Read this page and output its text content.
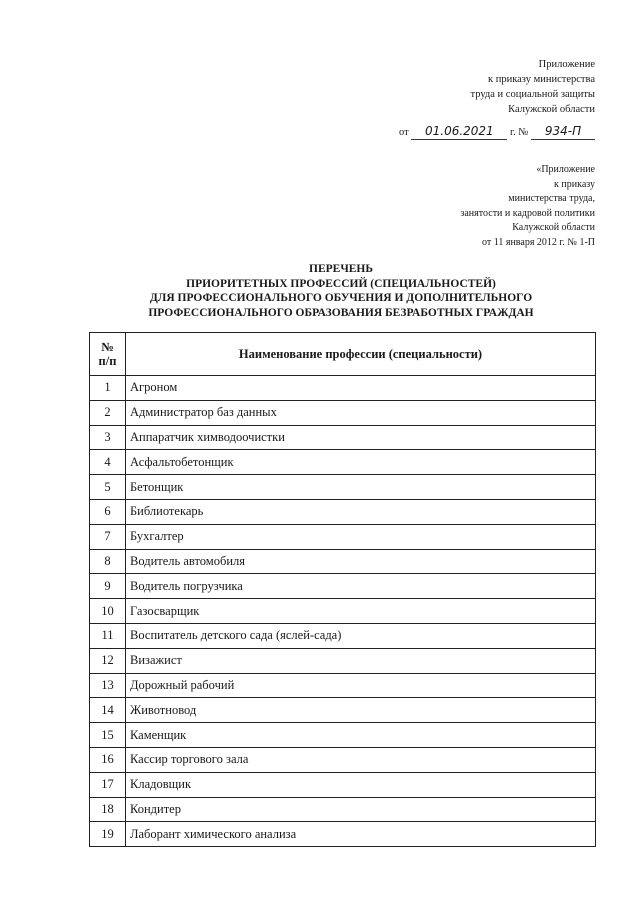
Приложение
к приказу министерства
труда и социальной защиты
Калужской области
от 01.06.2021 г. № 934-П
«Приложение
к приказу
министерства труда,
занятости и кадровой политики
Калужской области
от 11 января 2012 г. № 1-П
ПЕРЕЧЕНЬ
ПРИОРИТЕТНЫХ ПРОФЕССИЙ (СПЕЦИАЛЬНОСТЕЙ)
ДЛЯ ПРОФЕССИОНАЛЬНОГО ОБУЧЕНИЯ И ДОПОЛНИТЕЛЬНОГО
ПРОФЕССИОНАЛЬНОГО ОБРАЗОВАНИЯ БЕЗРАБОТНЫХ ГРАЖДАН
№
п/п	Наименование профессии (специальности)
1	Агроном
2	Администратор баз данных
3	Аппаратчик химводоочистки
4	Асфальтобетонщик
5	Бетонщик
6	Библиотекарь
7	Бухгалтер
8	Водитель автомобиля
9	Водитель погрузчика
10	Газосварщик
11	Воспитатель детского сада (яслей-сада)
12	Визажист
13	Дорожный рабочий
14	Животновод
15	Каменщик
16	Кассир торгового зала
17	Кладовщик
18	Кондитер
19	Лаборант химического анализа
